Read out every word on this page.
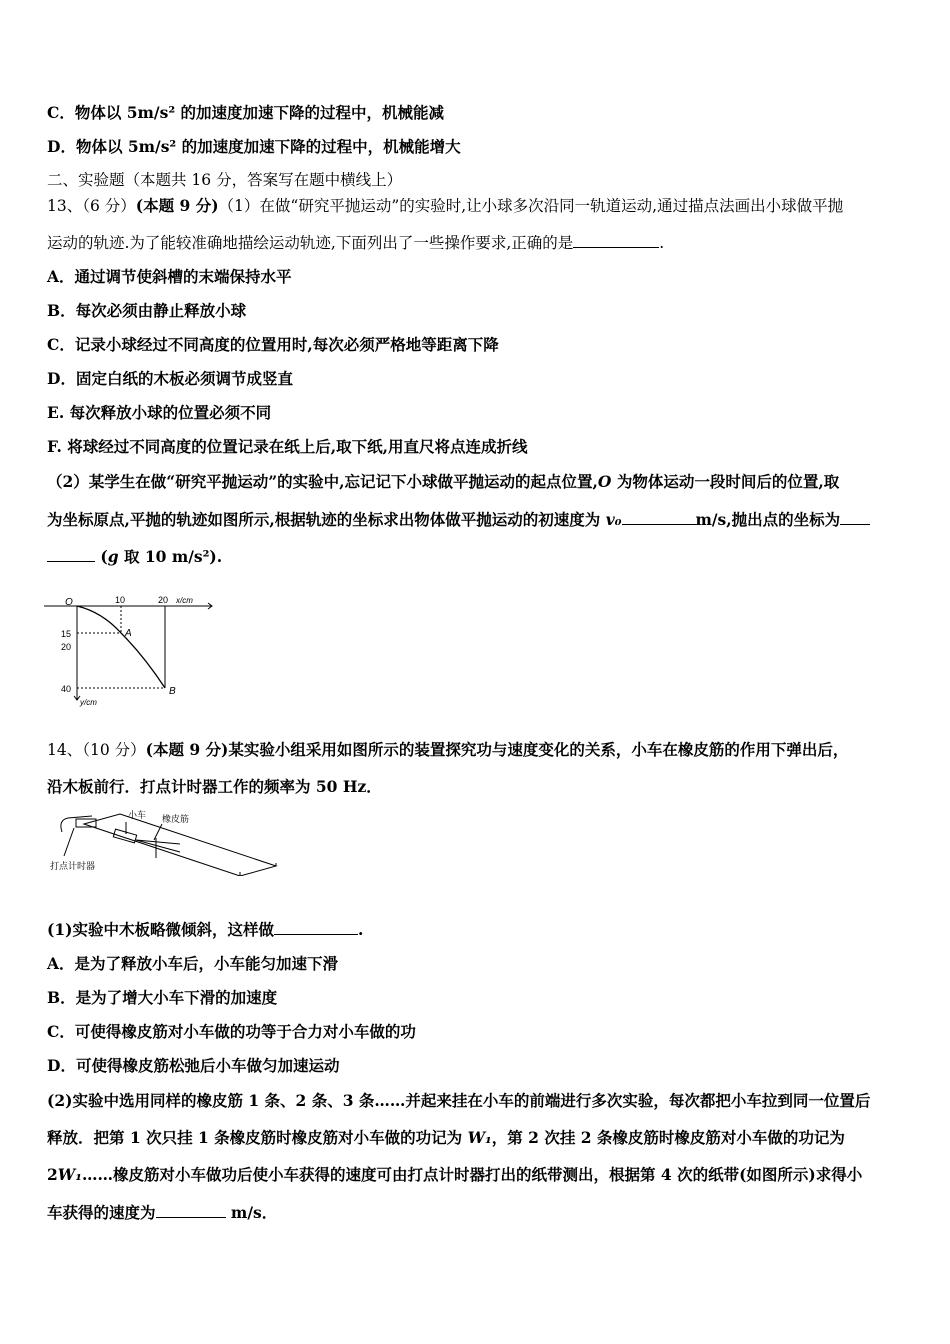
C．物体以 5m/s² 的加速度加速下降的过程中，机械能减
D．物体以 5m/s² 的加速度加速下降的过程中，机械能增大
二、实验题（本题共 16 分，答案写在题中横线上）
13、（6 分）(本题 9 分)（1）在做“研究平抛运动”的实验时,让小球多次沿同一轨道运动,通过描点法画出小球做平抛
运动的轨迹.为了能较准确地描绘运动轨迹,下面列出了一些操作要求,正确的是	.
A．通过调节使斜槽的末端保持水平
B．每次必须由静止释放小球
C．记录小球经过不同高度的位置用时,每次必须严格地等距离下降
D．固定白纸的木板必须调节成竖直
E. 每次释放小球的位置必须不同
F. 将球经过不同高度的位置记录在纸上后,取下纸,用直尺将点连成折线
（2）某学生在做“研究平抛运动”的实验中,忘记记下小球做平抛运动的起点位置,O 为物体运动一段时间后的位置,取
为坐标原点,平抛的轨迹如图所示,根据轨迹的坐标求出物体做平抛运动的初速度为 v₀	m/s,抛出点的坐标为
(g 取 10 m/s²).
O	10	20 x/cm
15
20
40
y/cm
A
B
14、（10 分）(本题 9 分)某实验小组采用如图所示的装置探究功与速度变化的关系，小车在橡皮筋的作用下弹出后，
沿木板前行．打点计时器工作的频率为 50 Hz．
小车 橡皮筋
打点计时器
(1)实验中木板略微倾斜，这样做	.
A．是为了释放小车后，小车能匀加速下滑
B．是为了增大小车下滑的加速度
C．可使得橡皮筋对小车做的功等于合力对小车做的功
D．可使得橡皮筋松弛后小车做匀加速运动
(2)实验中选用同样的橡皮筋 1 条、2 条、3 条……并起来挂在小车的前端进行多次实验，每次都把小车拉到同一位置后
释放．把第 1 次只挂 1 条橡皮筋时橡皮筋对小车做的功记为 W₁，第 2 次挂 2 条橡皮筋时橡皮筋对小车做的功记为
2W₁……橡皮筋对小车做功后使小车获得的速度可由打点计时器打出的纸带测出，根据第 4 次的纸带(如图所示)求得小
车获得的速度为	m/s．
